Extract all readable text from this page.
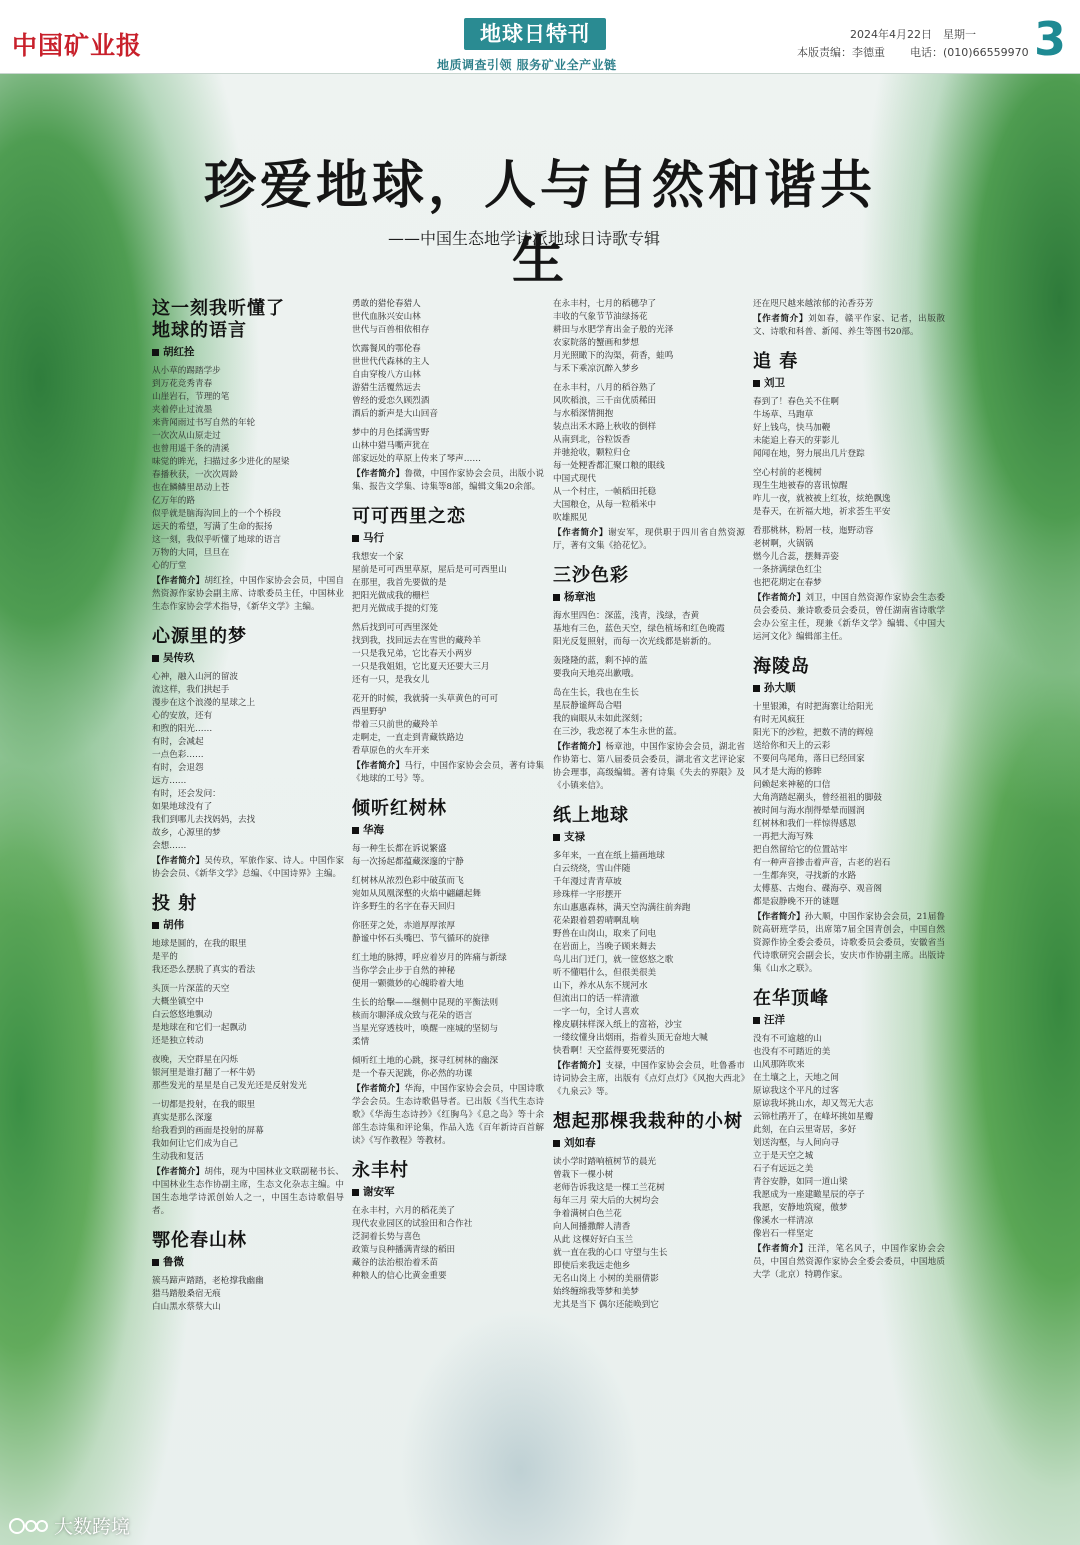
中国矿业报	地球日特刊
地质调查引领 服务矿业全产业链
2024年4月22日　星期一
本版责编：李德重 电话：(010)66559970 3
珍爱地球，人与自然和谐共生
——中国生态地学诗派地球日诗歌专辑
这一刻我听懂了
地球的语言
胡红拴
从小草的踢踏学步
到万花竞秀青春
山崖岩石，节理的笔
夹着停止过流墨
来背闻雨过书写自然的年轮
一次次从山原走过
也曾用遥千条的清溪
味觉的眸光，扫描过多少进化的屋梁
春播秋获，一次次周龄
也在鳞鳞里昂动上苍
亿万年的路
似乎就是脑海沟回上的一个个桥段
远天的希望，写满了生命的振扬
这一刻，我似乎听懂了地球的语言
万物的大同，旦旦在
心的厅堂
【作者简介】胡红拴，中国作家协会会员，中国自然资源作家协会副主席、诗歌委员主任，中国林业生态作家协会学术指导，《新华文学》主编。
心源里的梦
吴传玖
心神，融入山河的留波
流这样，我们拱起手
漫步在这个浪漫的星球之上
心的安放，还有
和煦的阳光……
有时，会减起
一点色彩……
有时，会退怨
远方……
有时，还会发问：
如果地球没有了
我们到哪儿去找妈妈，去找
故乡，心源里的梦
会想……
【作者简介】吴传玖，军旅作家、诗人。中国作家协会会员、《新华文学》总编、《中国诗界》主编。
投 射
胡伟
地球是圆的，在我的眼里
是平的
我还恐么摆脱了真实的看法

头顶一片深蓝的天空
大概坐镇空中
白云悠悠地飘动
是地球在和它们一起飘动
还是独立转动

夜晚，天空群星在闪烁
银河里是谁打翻了一杯牛奶
那些发光的星星是自己发光还是反射发光

一切都是投射，在我的眼里
真实是那么深邃
给我看到的画面是投射的屏幕
我如何让它们成为自己
生动我和复活
【作者简介】胡伟，现为中国林业文联副秘书长、中国林业生态作协副主席，生态文化杂志主编。中国生态地学诗派创始人之一，中国生态诗歌倡导者。
鄂伦春山林
鲁微
簇马蹄声踏踏，老枪撑我幽幽
猎马踏般桑宿无痕
白山黑水蔡蔡大山
勇敢的猎伦春猎人
世代血脉兴安山林
世代与百兽相依相存

饮露餐风的鄂伦春
世世代代森林的主人
自由穿梭八方山林
游猎生活覆然远去
曾经的爱恋久顾烈酒
酒后的新声是大山回音

梦中的月色揉满雪野
山林中猎马嘶声犹在
部家远处的草原上传来了琴声……
【作者简介】鲁微，中国作家协会会员，出版小说集、报告文学集、诗集等8部，编辑文集20余部。
可可西里之恋
马行
我想安一个家
屋前是可可西里草原，屋后是可可西里山
在那里，我首先要做的是
把阳光做成我的栅栏
把月光做成手提的灯笼

然后找到可可西里深处
找到我，找回远去在雪世的藏羚羊
一只是我兄弟，它比春天小两岁
一只是我姐姐，它比夏天还要大三月
还有一只，是我女儿

花开的时候，我就骑一头草黄色的可可
西里野驴
带着三只前世的藏羚羊
走啊走，一直走到青藏铁路边
看草原色的火车开来
【作者简介】马行，中国作家协会会员，著有诗集《地球的工号》等。
倾听红树林
华海
每一种生长都在诉说繁盛
每一次扬起都蕴藏深邃的宁静

红树林从浓烈色彩中破茧而飞
宛如从凤凰深壑的火焰中翩翩起舞
许多野生的名字在春天回归

你胚芽之处，赤道厚厚浓厚
静谧中怀石头嘴巴、节气循环的旋律

红土地的脉搏，呼应着岁月的阵痛与新绿
当你学会止步于自然的神秘
便用一颗微妙的心魄聆着大地

生长的给擊——继侧中昆现的平衡法则
核而尔聊泽成众致与花朵的语言
当星光穿透枝叶，唤醒一座城的坚韧与
柔情

倾听红土地的心跳，探寻红树林的幽深
是一个春天泥跳，你必然的功课
【作者简介】华海，中国作家协会会员，中国诗歌学会会员。生态诗歌倡导者。已出版《当代生态诗歌》《华海生态诗抄》《红胸鸟》《息之岛》等十余部生态诗集和评论集，作品入选《百年新诗百首解读》《写作教程》等教材。
永丰村
谢安军
在永丰村，六月的稻花美了
现代农业园区的试验田和合作社
泛洞着长势与喜色
政策与良种播满青绿的稻田
藏谷的法治根治着禾苗
种粮人的信心比黄金重要
在永丰村，七月的稻穗孕了
丰收的气象节节油绿扬花
耕田与水肥学育出金子般的光泽
农家院落的蟹画和梦想
月光照瞰下的沟渠，荷香，蛙鸣
与禾下乘凉沉醉入梦乡

在永丰村，八月的稻谷熟了
风吹稻浪，三千亩优质稀田
与水稻深情拥抱
装点出禾木路上秋收的倒样
从南到北，谷粒饭香
并驰抢收，颗粒归仓
每一处粳香都汇聚口粮的眼线
中国式现代
从一个村庄，一帧稻田托稳
大国粮仓，从每一粒稻米中
吹雄熙见
【作者简介】谢安军，现供职于四川省自然资源厅，著有文集《拾花忆》。
三沙色彩
杨章池
海水里四色：深蓝，浅青，浅绿，杏黄
基地有三色，蓝色天空，绿色植场和红色晚霞
阳光反复照射，而每一次光线都是崭新的。

轰隆隆的蓝，剩不掉的蓝
要我向天地亮出歉哦。

岛在生长，我也在生长
星辰静谧辉岛合唱
我的扁眼从未如此深刻；
在三沙，我恋视了本生永世的蓝。
【作者简介】杨章池，中国作家协会会员，湖北省作协第七、第八届委员会委员，湖北省文艺评论家协会理事，高级编辑。著有诗集《失去的界限》及《小镇来信》。
纸上地球
支禄
多年来，一直在纸上描画地球
白云绕绕，雪山伴随
千年漫过青青草坡
珍珠样一字形摆开
东山惠惠森林，满天空沟满往前奔跑
花朵跟着碧碧晴啊乱响
野兽在山岗山，取来了问电
在岩面上，当晚子顾来舞去
鸟儿出门迁门，就一筐悠悠之歌
听不懂唱什么，但很美很美
山下，养水从东不规河水
但流出口的话一样清澈
一字一句，全讨人喜欢
橡皮刷抹样深入纸上的富裕，沙宝
一缕纹懂身出烟雨，指着头顶无奋地大喊
快看啊！天空蓝得要死要活的
【作者简介】支禄，中国作家协会会员，吐鲁番市诗词协会主席，出版有《点灯点灯》《风抱大西北》《九泉云》等。
想起那棵我栽种的小树
刘如春
读小学时踏响植树节的晨光
曾栽下一棵小树
老师告诉我这是一棵工兰花树
每年三月 荣大后的大树均会
争着满树白色兰花
向人间播撒醉人清香
从此 这棵好好白玉兰
就一直在我的心口 守望与生长
即使后来我远走他乡
无名山岗上 小树的美丽倩影
始终缠绵我等梦和美梦
尤其是当下 偶尔还能唤到它
还在咫尺越来越浓郁的沁香芬芳
【作者简介】刘如春，赣平作家、记者，出版散文、诗歌和科普、新闻、养生等图书20部。
追 春
刘卫
春到了！春色关不住啊
牛场草、马跑草
好上钱鸟，快马加鞭
未能追上春天的芽影儿
闻闻在地，努力展出几片登踪

空心村前的老槐树
现生生地被春的喜讯惊醒
咋儿一夜，就被被上红妆，炫绝飘逸
是春天，在祈福大地，祈求荟生平安

看那桃林，粉屑一枝，迤野动容
老树啊，火锅锅
燃今儿合蕊，摆舞弄姿
一条挤满绿色红尘
也把花期定在春梦
【作者简介】刘卫，中国自然资源作家协会生态委员会委员、兼诗歌委员会委员，曾任湖南省诗歌学会办公室主任，现兼《新华文学》编辑、《中国大运河文化》编辑部主任。
海陵岛
孙大顺
十里银滩，有时把海寨让给阳光
有时无风疯狂
阳光下的沙粒，把数不清的辉煌
送给你和天上的云彩
不要问鸟尾角，落日已经回家
风才是大海的修眸
问赖起来神秘的口信
大角湾踏起潮头，曾经祖祖的脚鼓
被时间与海水削得晕晕而圆润
红树林和我们一样惊得感恩
一再把大海写殊
把自然留给它的位置站牢
有一种声音掺击着声音，古老的岩石
一生都奔突，寻找新的水路
太傅墓、古炮台、碟海亭、观音阁
都是寂静晚不开的谜题
【作者简介】孙大顺，中国作家协会会员，21届鲁院高研班学员，出席第7届全国青创会，中国自然资源作协全委会委员，诗歌委员会委员，安徽省当代诗歌研究会副会长，安庆市作协副主席。出版诗集《山水之联》。
在华顶峰
汪洋
没有不可逾越的山
也没有不可踏近的美
山风那阵吹来
在土壤之上，天地之间
原谅我这个平凡的过客
原谅我坏挑山水，却又驾无大志
云锦杜鹃开了，在峰坏挑如星瓣
此刻，在白云里寄居，多好
划送沟壑，与人间向寻
立于是天空之城
石子有远远之美
青谷安静，如同一道山梁
我愿成为一座建瞰星辰的亭子
我愿，安静地筑窥，傲梦
像溪水一样清凉
像岩石一样坚定
【作者简介】汪洋，笔名风子，中国作家协会会员，中国自然资源作家协会全委会委员，中国地质大学（北京）特聘作家。
大数跨境
